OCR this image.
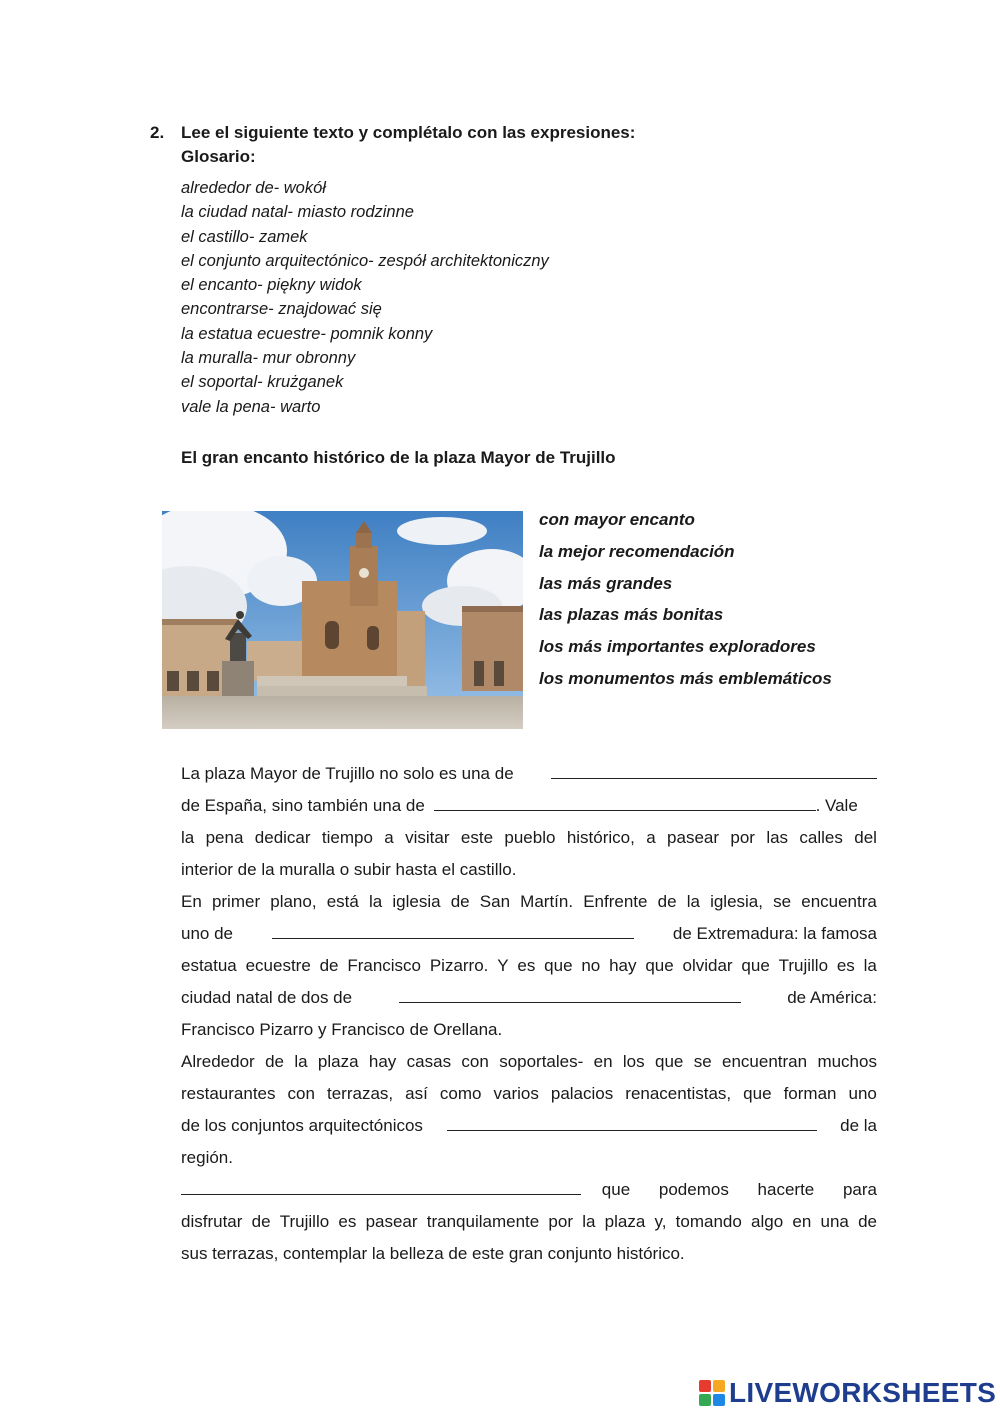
2. Lee el siguiente texto y complétalo con las expresiones:
Glosario:
alrededor de- wokół
la ciudad natal- miasto rodzinne
el castillo- zamek
el conjunto arquitectónico- zespół architektoniczny
el encanto- piękny widok
encontrarse- znajdować się
la estatua ecuestre- pomnik konny
la muralla- mur obronny
el soportal- krużganek
vale la pena- warto
El gran encanto histórico de la plaza Mayor de Trujillo
con mayor encanto
la mejor recomendación
las más grandes
las plazas más bonitas
los más importantes exploradores
los monumentos más emblemáticos
La plaza Mayor de Trujillo no solo es una de
de España, sino también una de	. Vale
la pena dedicar tiempo a visitar este pueblo histórico, a pasear por las calles del
interior de la muralla o subir hasta el castillo.
En primer plano, está la iglesia de San Martín. Enfrente de la iglesia, se encuentra
uno de	de Extremadura: la famosa
estatua ecuestre de Francisco Pizarro. Y es que no hay que olvidar que Trujillo es la
ciudad natal de dos de	de América:
Francisco Pizarro y Francisco de Orellana.
Alrededor de la plaza hay casas con soportales- en los que se encuentran muchos
restaurantes con terrazas, así como varios palacios renacentistas, que forman uno
de los conjuntos arquitectónicos	de la
región.
que podemos hacerte para
disfrutar de Trujillo es pasear tranquilamente por la plaza y, tomando algo en una de
sus terrazas, contemplar la belleza de este gran conjunto histórico.
LIVEWORKSHEETS
